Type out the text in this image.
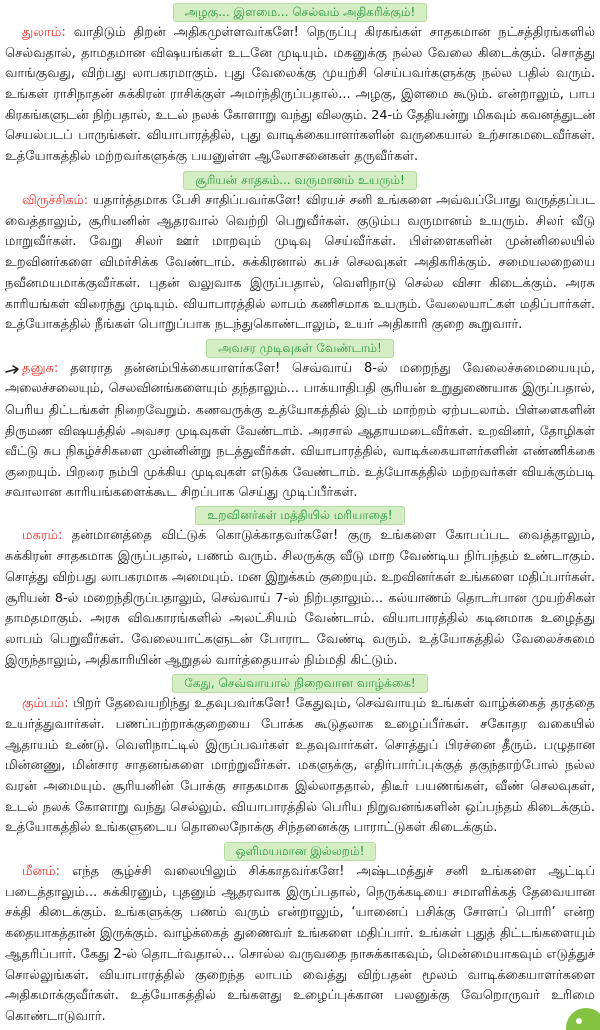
அழகு... இளமை... செல்வம் அதிகரிக்கும்!
துலாம்: வாதிடும் திறன் அதிகமுள்ளவர்களே! நெருப்பு கிரகங்கள் சாதகமான நட்சத்திரங்களில்
செல்வதால், தாமதமான விஷயங்கள் உடனே முடியும். மகனுக்கு நல்ல வேலை கிடைக்கும். சொத்து
வாங்குவது, விற்பது லாபகரமாகும். புது வேலைக்கு முயற்சி செய்பவர்களுக்கு நல்ல பதில் வரும்.
உங்கள் ராசிநாதன் சுக்கிரன் ராசிக்குள் அமர்ந்திருப்பதால்... அழகு, இளமை கூடும். என்றாலும், பாப
கிரகங்களுடன் நிற்பதால், உடல் நலக் கோளாறு வந்து விலகும். 24-ம் தேதியன்று மிகவும் கவனத்துடன்
செயல்படப் பாருங்கள். வியாபாரத்தில், புது வாடிக்கையாளர்களின் வருகையால் உற்சாகமடைவீர்கள்.
உத்யோகத்தில் மற்றவர்களுக்கு பயனுள்ள ஆலோசனைகள் தருவீர்கள்.
சூரியன் சாதகம்... வருமானம் உயரும்!
விருச்சிகம்: யதார்த்தமாக பேசி சாதிப்பவர்களே! விரயச் சனி உங்களை அவ்வப்போது வருத்தப்பட
வைத்தாலும், சூரியனின் ஆதரவால் வெற்றி பெறுவீர்கள். குடும்ப வருமானம் உயரும். சிலர் வீடு
மாறுவீர்கள். வேறு சிலர் ஊர் மாறவும் முடிவு செய்வீர்கள். பிள்ளைகளின் முன்னிலையில்
உறவினர்களை விமர்சிக்க வேண்டாம். சுக்கிரனால் சுபச் செலவுகள் அதிகரிக்கும். சமையலறையை
நவீனமயமாக்குவீர்கள். புதன் வலுவாக இருப்பதால், வெளிநாடு செல்ல விசா கிடைக்கும். அரசு
காரியங்கள் விரைந்து முடியும். வியாபாரத்தில் லாபம் கணிசமாக உயரும். வேலையாட்கள் மதிப்பார்கள்.
உத்யோகத்தில் நீங்கள் பொறுப்பாக நடந்துகொண்டாலும், உயர் அதிகாரி குறை கூறுவார்.
அவசர முடிவுகள் வேண்டாம்!
தனுசு: தளராத தன்னம்பிக்கையாளர்களே! செவ்வாய் 8-ல் மறைந்து வேலைச்சுமையையும்,
அலைச்சலையும், செலவினங்களையும் தந்தாலும்... பாக்யாதிபதி சூரியன் உறுதுணையாக இருப்பதால்,
பெரிய திட்டங்கள் நிறைவேறும். கணவருக்கு உத்யோகத்தில் இடம் மாற்றம் ஏற்படலாம். பிள்ளைகளின்
திருமண விஷயத்தில் அவசர முடிவுகள் வேண்டாம். அரசால் ஆதாயமடைவீர்கள். உறவினர், தோழிகள்
வீட்டு சுப நிகழ்ச்சிகளை முன்னின்று நடத்துவீர்கள். வியாபாரத்தில், வாடிக்கையாளர்களின் எண்ணிக்கை
குறையும். பிறரை நம்பி முக்கிய முடிவுகள் எடுக்க வேண்டாம். உத்யோகத்தில் மற்றவர்கள் வியக்கும்படி
சவாலான காரியங்களைக்கூட சிறப்பாக செய்து முடிப்பீர்கள்.
உறவினர்கள் மத்தியில் மரியாதை!
மகரம்: தன்மானத்தை விட்டுக் கொடுக்காதவர்களே! குரு உங்களை கோபப்பட வைத்தாலும்,
சுக்கிரன் சாதகமாக இருப்பதால், பணம் வரும். சிலருக்கு வீடு மாற வேண்டிய நிர்பந்தம் உண்டாகும்.
சொத்து விற்பது லாபகரமாக அமையும். மன இறுக்கம் குறையும். உறவினர்கள் உங்களை மதிப்பார்கள்.
சூரியன் 8-ல் மறைந்திருப்பதாலும், செவ்வாய் 7-ல் நிற்பதாலும்... கல்யாணம் தொடர்பான முயற்சிகள்
தாமதமாகும். அரசு விவகாரங்களில் அலட்சியம் வேண்டாம். வியாபாரத்தில் கடினமாக உழைத்து
லாபம் பெறுவீர்கள். வேலையாட்களுடன் போராட வேண்டி வரும். உத்யோகத்தில் வேலைச்சுமை
இருந்தாலும், அதிகாரியின் ஆறுதல் வார்த்தையால் நிம்மதி கிட்டும்.
கேது, செவ்வாயால் நிறைவான வாழ்க்கை!
கும்பம்: பிறர் தேவையறிந்து உதவுபவர்களே! கேதுவும், செவ்வாயும் உங்கள் வாழ்க்கைத் தரத்தை
உயர்த்துவார்கள். பணப்பற்றாக்குறையை போக்க கூடுதலாக உழைப்பீர்கள். சகோதர வகையில்
ஆதாயம் உண்டு. வெளிநாட்டில் இருப்பவர்கள் உதவுவார்கள். சொத்துப் பிரச்னை தீரும். பழுதான
மின்னணு, மின்சார சாதனங்களை மாற்றுவீர்கள். மகளுக்கு, எதிர்பார்ப்புக்குத் தகுந்தாற்போல் நல்ல
வரன் அமையும். சூரியனின் போக்கு சாதகமாக இல்லாததால், திடீர் பயணங்கள், வீண் செலவுகள்,
உடல் நலக் கோளாறு வந்து செல்லும். வியாபாரத்தில் பெரிய நிறுவனங்களின் ஒப்பந்தம் கிடைக்கும்.
உத்யோகத்தில் உங்களுடைய தொலைநோக்கு சிந்தனைக்கு பாராட்டுகள் கிடைக்கும்.
ஒளிமயமான இல்லறம்!
மீனம்: எந்த சூழ்ச்சி வலையிலும் சிக்காதவர்களே! அஷ்டமத்துச் சனி உங்களை ஆட்டிப்
படைத்தாலும்... சுக்கிரனும், புதனும் ஆதரவாக இருப்பதால், நெருக்கடியை சமாளிக்கத் தேவையான
சக்தி கிடைக்கும். உங்களுக்கு பணம் வரும் என்றாலும், ‘யானைப் பசிக்கு சோளப் பொரி’ என்ற
கதையாகத்தான் இருக்கும். வாழ்க்கைத் துணைவர் உங்களை மதிப்பார். உங்கள் புதுத் திட்டங்களையும்
ஆதரிப்பார். கேது 2-ல் தொடர்வதால்... சொல்ல வருவதை நாசுக்காகவும், மென்மையாகவும் எடுத்துச்
சொல்லுங்கள். வியாபாரத்தில் குறைந்த லாபம் வைத்து விற்பதன் மூலம் வாடிக்கையாளர்களை
அதிகமாக்குவீர்கள். உத்யோகத்தில் உங்களது உழைப்புக்கான பலனுக்கு வேறொருவர் உரிமை
கொண்டாடுவார்.
